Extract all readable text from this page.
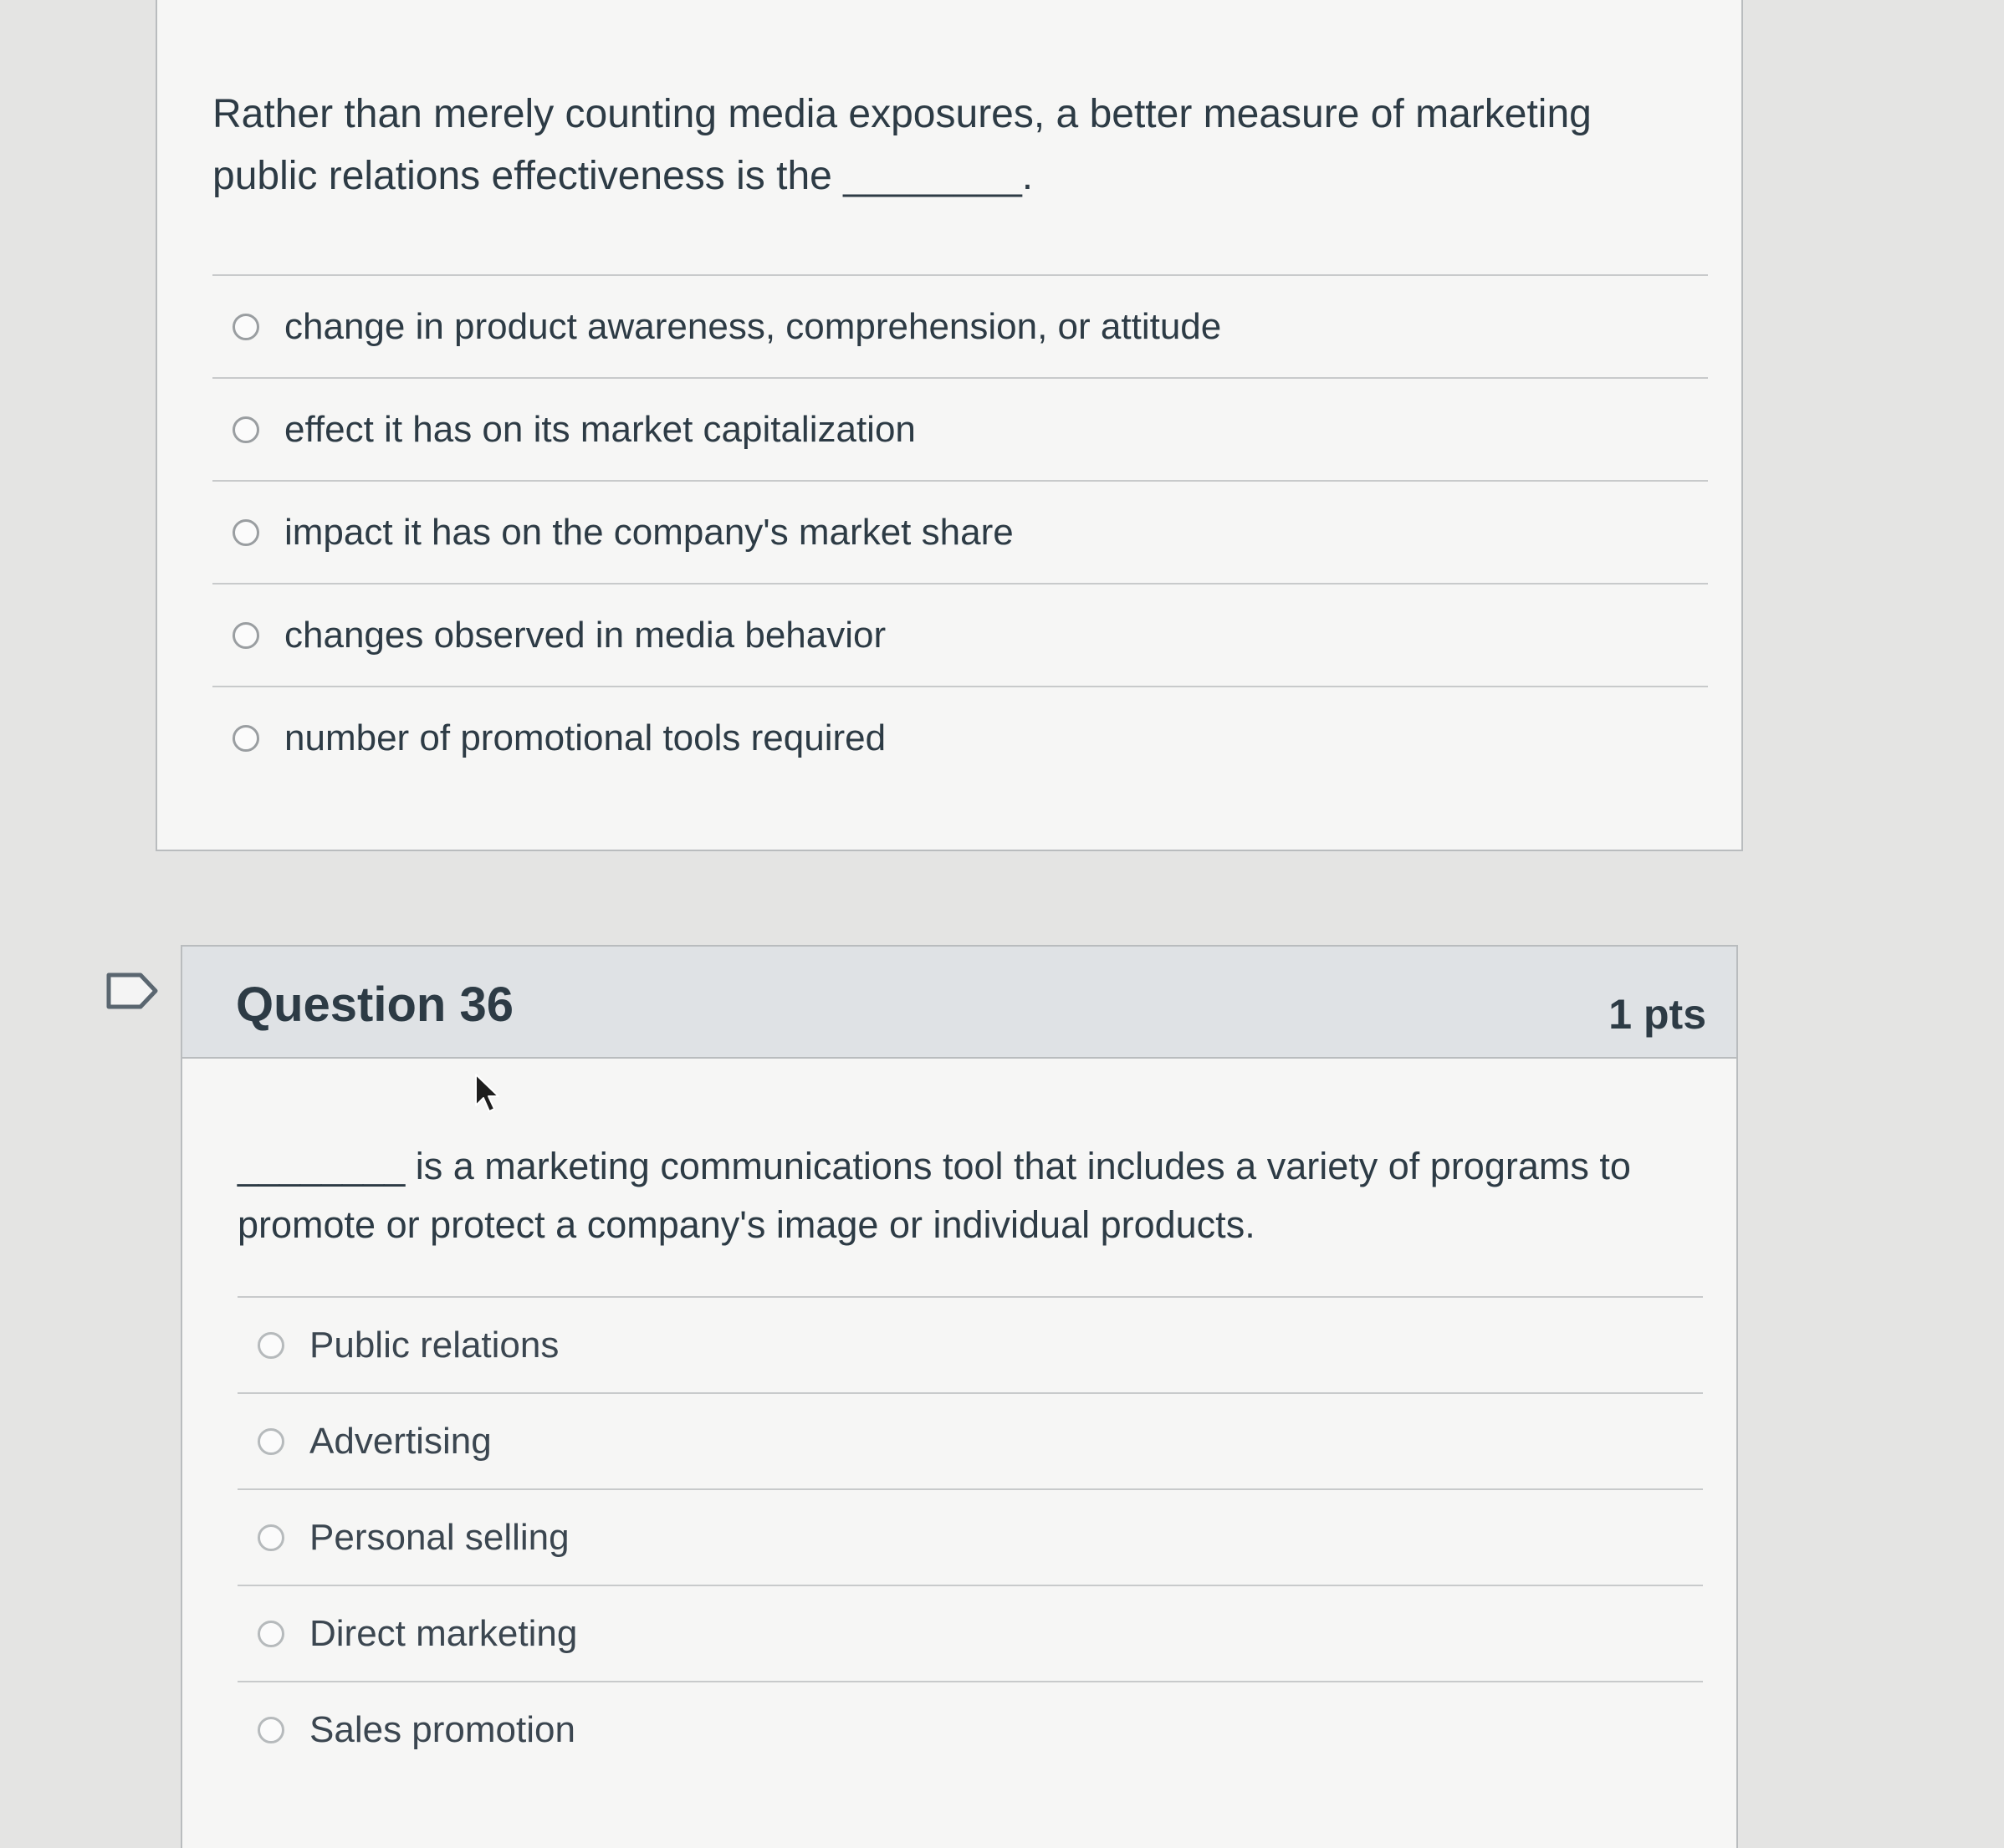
Rather than merely counting media exposures, a better measure of marketing public relations effectiveness is the ________.
change in product awareness, comprehension, or attitude
effect it has on its market capitalization
impact it has on the company's market share
changes observed in media behavior
number of promotional tools required
Question 36	1 pts
________ is a marketing communications tool that includes a variety of programs to promote or protect a company's image or individual products.
Public relations
Advertising
Personal selling
Direct marketing
Sales promotion
